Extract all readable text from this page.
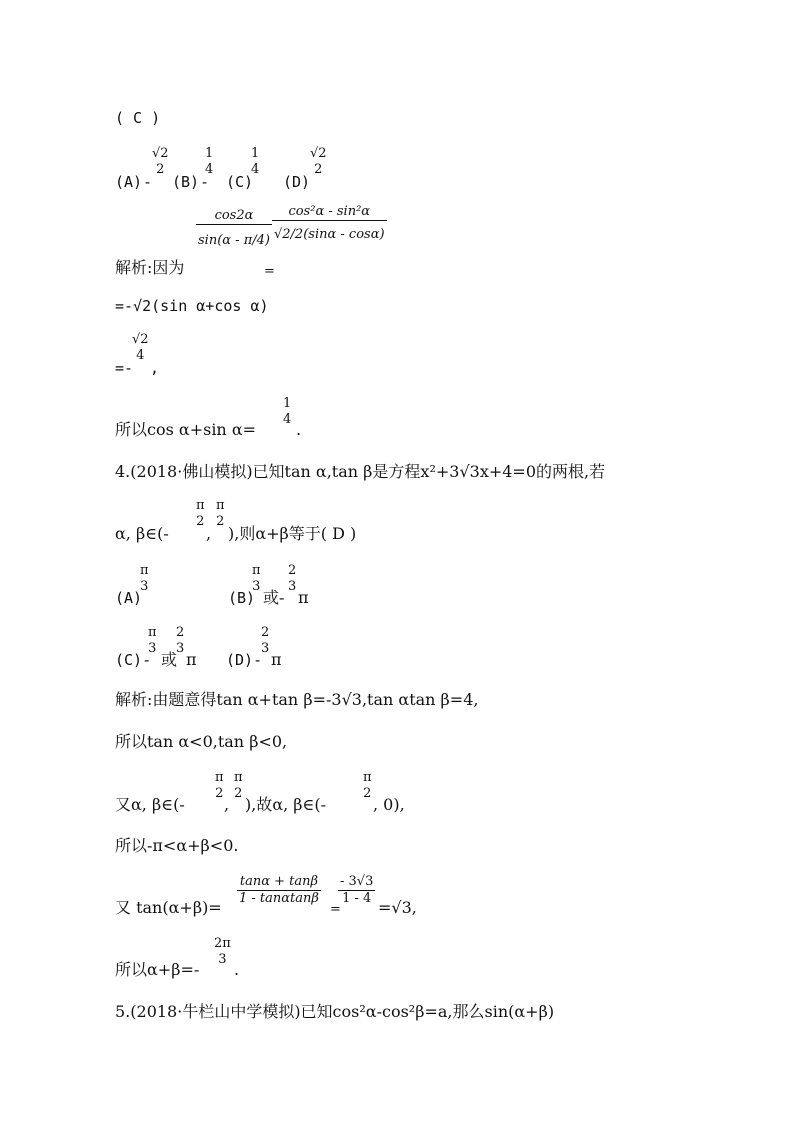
( C )
(A) -
√2
2
(B) -
1
4
(C)
1
4
(D)
√2
2
cos2α
sin(α - π/4)
cos²α - sin²α
√2/2(sinα - cosα)
解析:因为	=
=-√2(sin α+cos α)
=-
√2
4
,
所以cos α+sin α=
1
4
.
4.(2018·佛山模拟)已知tan α,tan β是方程x²+3√3x+4=0的两根,若
α, β∈(-
π
2
,
π
2
),则α+β等于( D )
(A)
π
3
(B)
π
3
或-
2
3
π
(C)-
π
3
或
2
3
π (D)-
2
3
π
解析:由题意得tan α+tan β=-3√3,tan αtan β=4,
所以tan α<0,tan β<0,
又α, β∈(-
π
2
,
π
2
),故α, β∈(-
π
2
, 0),
所以-π<α+β<0.
又 tan(α+β)=
tanα + tanβ
1 - tanαtanβ
=
- 3√3
1 - 4 =√3,
所以α+β=-
2π
3
.
5.(2018·牛栏山中学模拟)已知cos²α-cos²β=a,那么sin(α+β)
